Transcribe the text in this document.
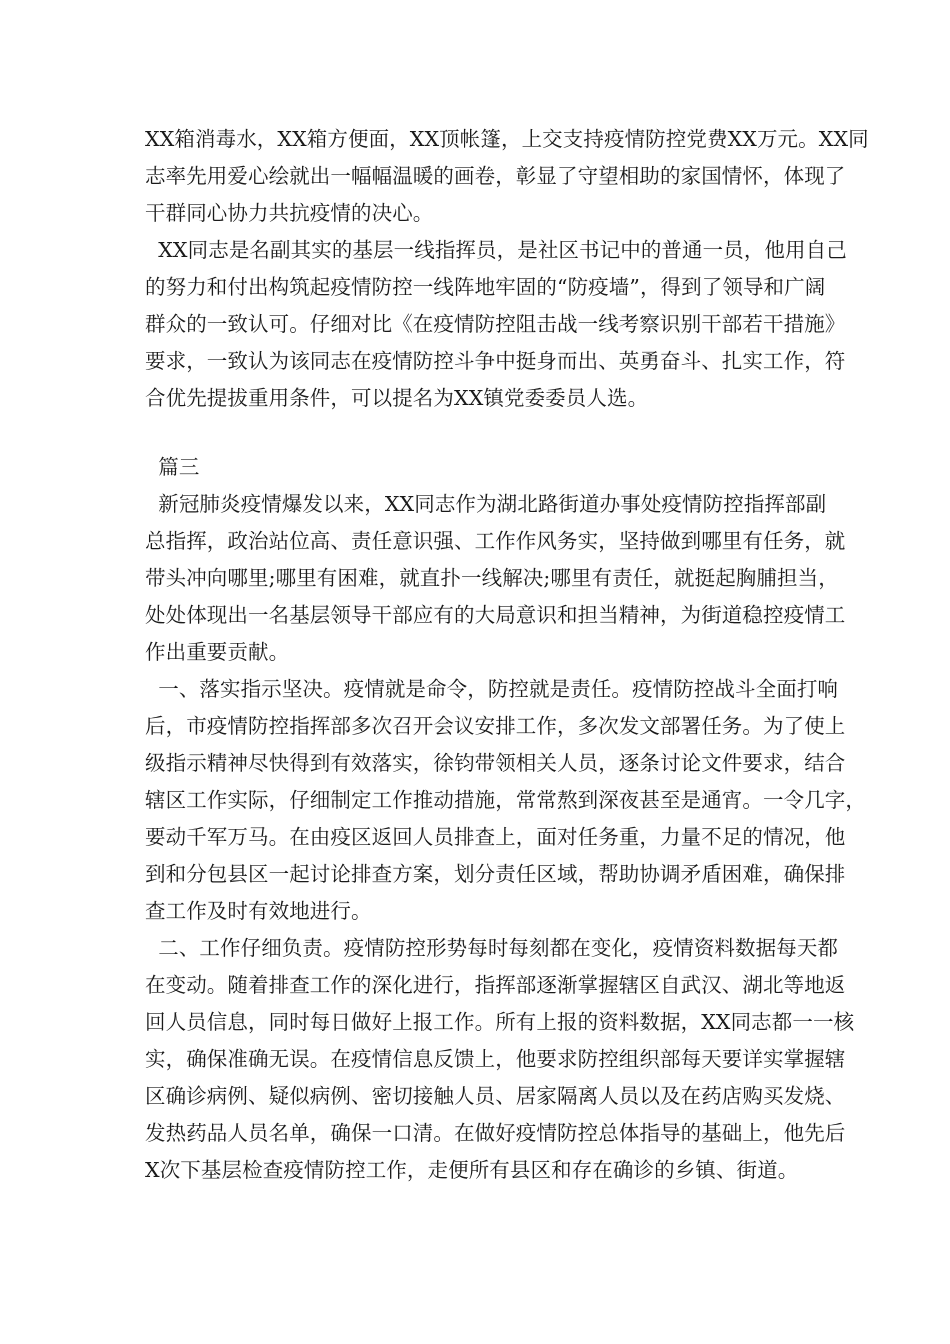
XX箱消毒水，XX箱方便面，XX顶帐篷，上交支持疫情防控党费XX万元。XX同
志率先用爱心绘就出一幅幅温暖的画卷，彰显了守望相助的家国情怀，体现了
干群同心协力共抗疫情的决心。
XX同志是名副其实的基层一线指挥员，是社区书记中的普通一员，他用自己
的努力和付出构筑起疫情防控一线阵地牢固的“防疫墙”，得到了领导和广阔
群众的一致认可。仔细对比《在疫情防控阻击战一线考察识别干部若干措施》
要求，一致认为该同志在疫情防控斗争中挺身而出、英勇奋斗、扎实工作，符
合优先提拔重用条件，可以提名为XX镇党委委员人选。
篇三
新冠肺炎疫情爆发以来，XX同志作为湖北路街道办事处疫情防控指挥部副
总指挥，政治站位高、责任意识强、工作作风务实，坚持做到哪里有任务，就
带头冲向哪里;哪里有困难，就直扑一线解决;哪里有责任，就挺起胸脯担当，
处处体现出一名基层领导干部应有的大局意识和担当精神，为街道稳控疫情工
作出重要贡献。
一、落实指示坚决。疫情就是命令，防控就是责任。疫情防控战斗全面打响
后，市疫情防控指挥部多次召开会议安排工作，多次发文部署任务。为了使上
级指示精神尽快得到有效落实，徐钧带领相关人员，逐条讨论文件要求，结合
辖区工作实际，仔细制定工作推动措施，常常熬到深夜甚至是通宵。一令几字，
要动千军万马。在由疫区返回人员排查上，面对任务重，力量不足的情况，他
到和分包县区一起讨论排查方案，划分责任区域，帮助协调矛盾困难，确保排
查工作及时有效地进行。
二、工作仔细负责。疫情防控形势每时每刻都在变化，疫情资料数据每天都
在变动。随着排查工作的深化进行，指挥部逐渐掌握辖区自武汉、湖北等地返
回人员信息，同时每日做好上报工作。所有上报的资料数据，XX同志都一一核
实，确保准确无误。在疫情信息反馈上，他要求防控组织部每天要详实掌握辖
区确诊病例、疑似病例、密切接触人员、居家隔离人员以及在药店购买发烧、
发热药品人员名单，确保一口清。在做好疫情防控总体指导的基础上，他先后
X次下基层检查疫情防控工作，走便所有县区和存在确诊的乡镇、街道。
